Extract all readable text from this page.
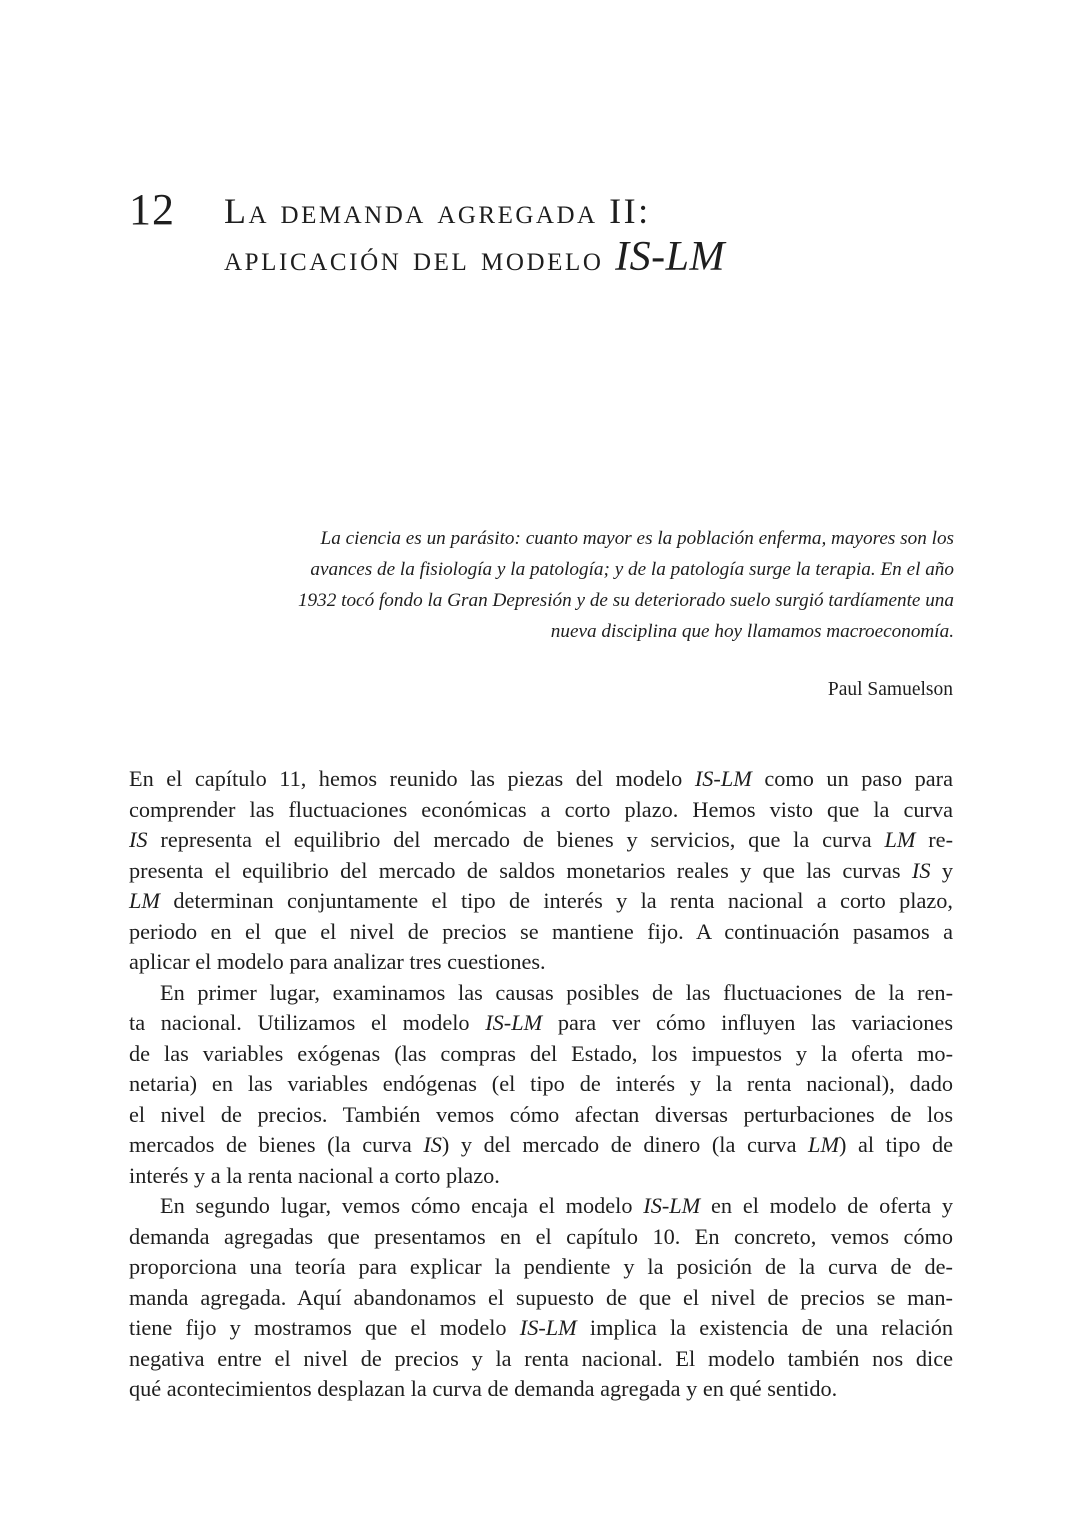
12 La demanda agregada II:
aplicación del modelo IS-LM
La ciencia es un parásito: cuanto mayor es la población enferma, mayores son los
avances de la fisiología y la patología; y de la patología surge la terapia. En el año
1932 tocó fondo la Gran Depresión y de su deteriorado suelo surgió tardíamente una
nueva disciplina que hoy llamamos macroeconomía.
Paul Samuelson
En el capítulo 11, hemos reunido las piezas del modelo IS-LM como un paso para
comprender las fluctuaciones económicas a corto plazo. Hemos visto que la curva
IS representa el equilibrio del mercado de bienes y servicios, que la curva LM re-
presenta el equilibrio del mercado de saldos monetarios reales y que las curvas IS y
LM determinan conjuntamente el tipo de interés y la renta nacional a corto plazo,
periodo en el que el nivel de precios se mantiene fijo. A continuación pasamos a
aplicar el modelo para analizar tres cuestiones.
En primer lugar, examinamos las causas posibles de las fluctuaciones de la ren-
ta nacional. Utilizamos el modelo IS-LM para ver cómo influyen las variaciones
de las variables exógenas (las compras del Estado, los impuestos y la oferta mo-
netaria) en las variables endógenas (el tipo de interés y la renta nacional), dado
el nivel de precios. También vemos cómo afectan diversas perturbaciones de los
mercados de bienes (la curva IS) y del mercado de dinero (la curva LM) al tipo de
interés y a la renta nacional a corto plazo.
En segundo lugar, vemos cómo encaja el modelo IS-LM en el modelo de oferta y
demanda agregadas que presentamos en el capítulo 10. En concreto, vemos cómo
proporciona una teoría para explicar la pendiente y la posición de la curva de de-
manda agregada. Aquí abandonamos el supuesto de que el nivel de precios se man-
tiene fijo y mostramos que el modelo IS-LM implica la existencia de una relación
negativa entre el nivel de precios y la renta nacional. El modelo también nos dice
qué acontecimientos desplazan la curva de demanda agregada y en qué sentido.
